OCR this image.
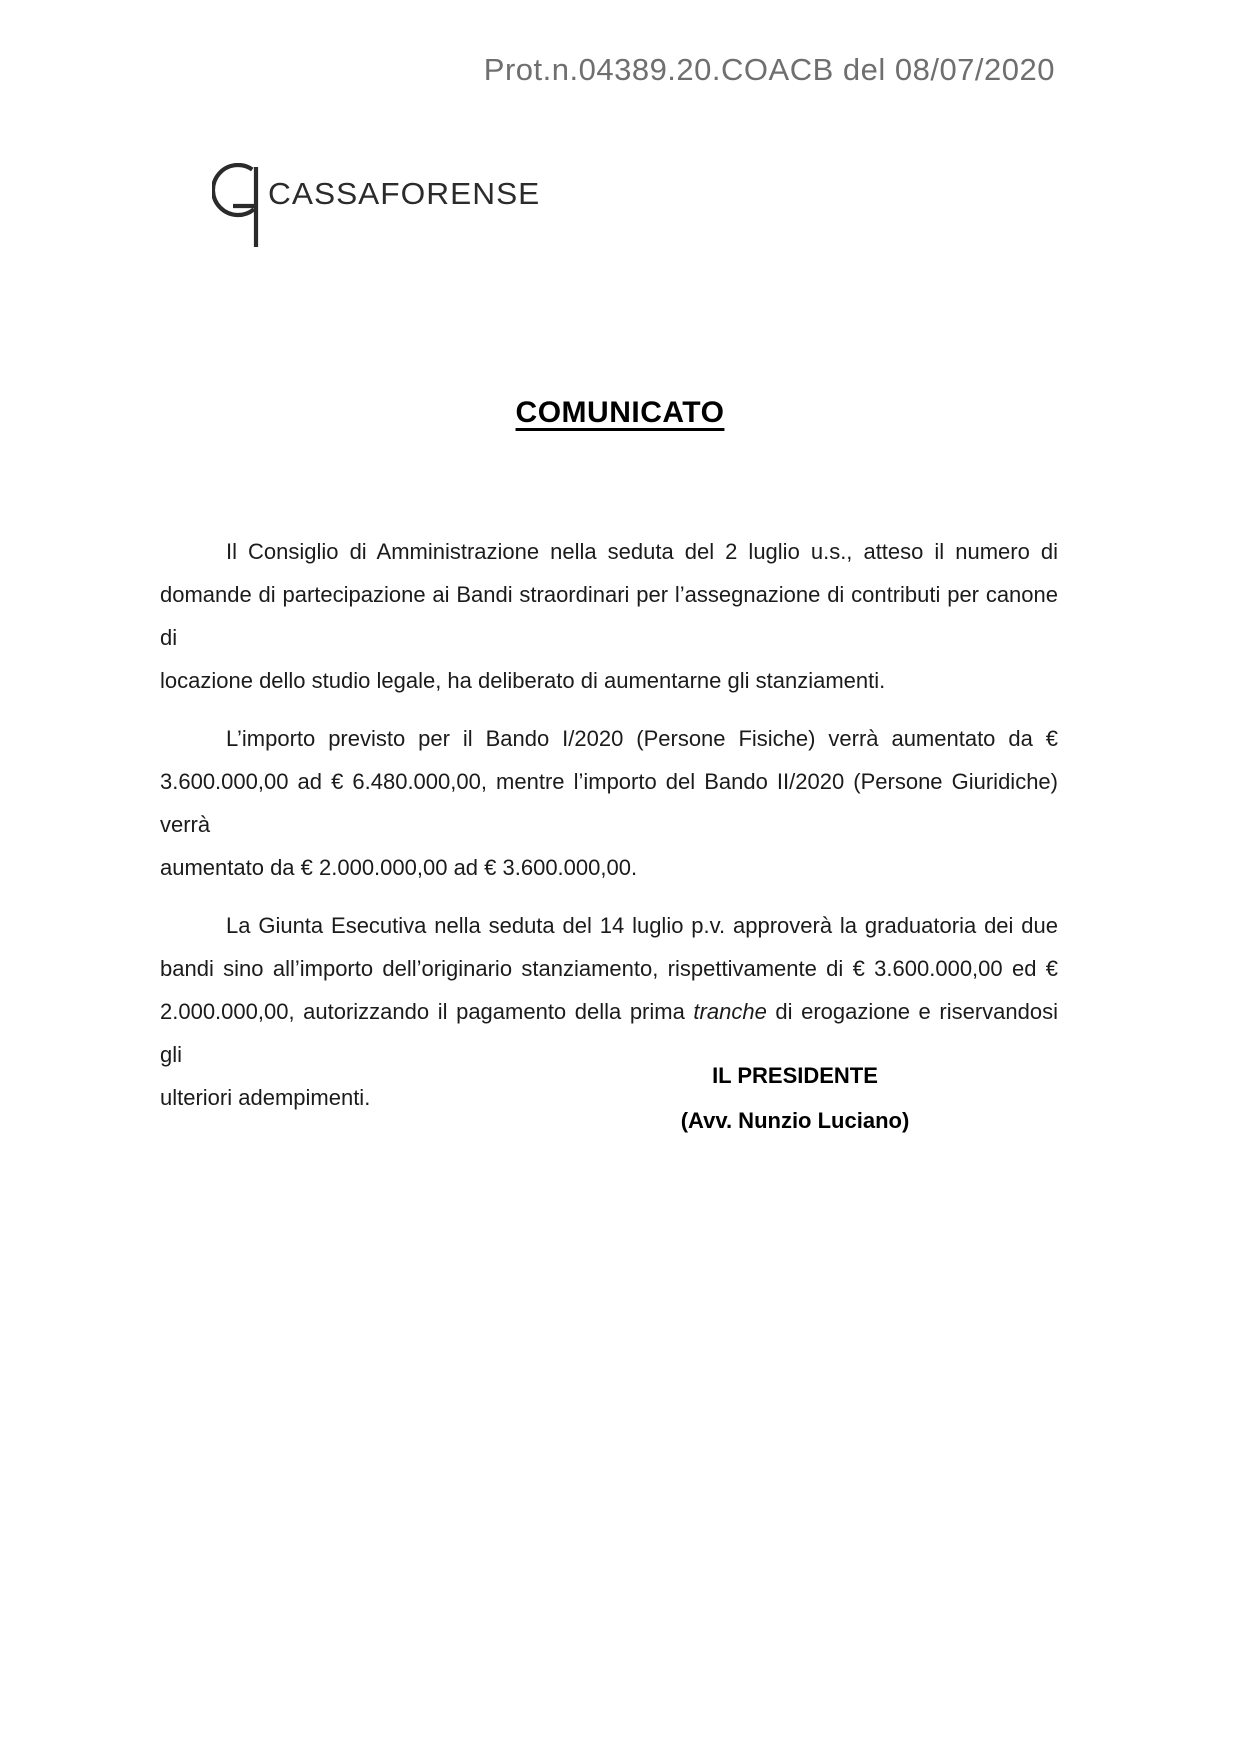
Prot.n.04389.20.COACB del 08/07/2020
CASSAFORENSE
COMUNICATO
Il Consiglio di Amministrazione nella seduta del 2 luglio u.s., atteso il numero di
domande di partecipazione ai Bandi straordinari per l’assegnazione di contributi per canone di
locazione dello studio legale, ha deliberato di aumentarne gli stanziamenti.
L’importo previsto per il Bando I/2020 (Persone Fisiche) verrà aumentato da €
3.600.000,00 ad € 6.480.000,00, mentre l’importo del Bando II/2020 (Persone Giuridiche) verrà
aumentato da € 2.000.000,00 ad € 3.600.000,00.
La Giunta Esecutiva nella seduta del 14 luglio p.v. approverà la graduatoria dei due
bandi sino all’importo dell’originario stanziamento, rispettivamente di € 3.600.000,00 ed €
2.000.000,00, autorizzando il pagamento della prima tranche di erogazione e riservandosi gli
ulteriori adempimenti.
IL PRESIDENTE
(Avv. Nunzio Luciano)
